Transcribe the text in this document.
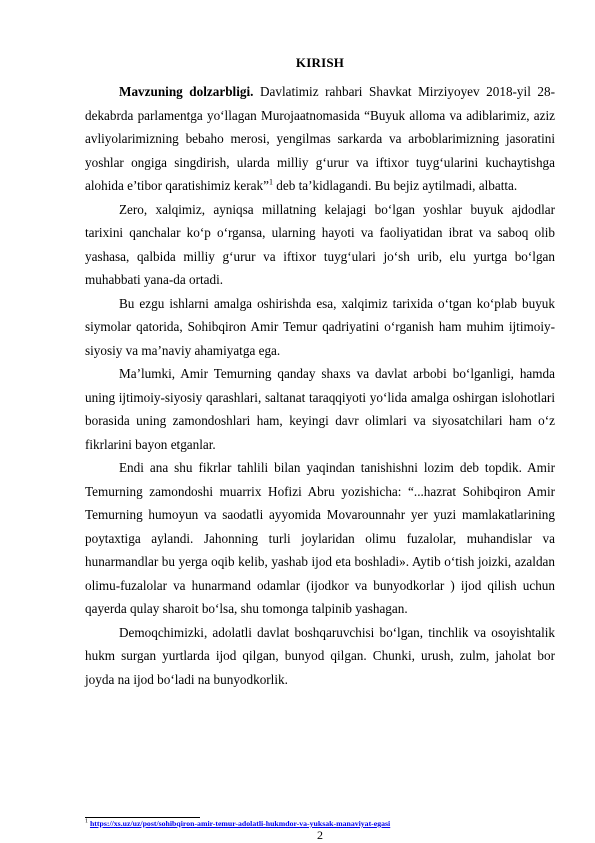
KIRISH

Mavzuning dolzarbligi. Davlatimiz rahbari Shavkat Mirziyoyev 2018-yil 28-dekabrda parlamentga yo‘llagan Murojaatnomasida “Buyuk alloma va adiblarimiz, aziz avliyolarimizning bebaho merosi, yengilmas sarkarda va arboblarimizning jasoratini yoshlar ongiga singdirish, ularda milliy g‘urur va iftixor tuyg‘ularini kuchaytishga alohida e’tibor qaratishimiz kerak”$^1$ deb ta’kidlagandi. Bu bejiz aytilmadi, albatta.

Zero, xalqimiz, ayniqsa millatning kelajagi bo‘lgan yoshlar buyuk ajdodlar tarixini qanchalar ko‘p o‘rgansa, ularning hayoti va faoliyatidan ibrat va saboq olib yashasa, qalbida milliy g‘urur va iftixor tuyg‘ulari jo‘sh urib, elu yurtga bo‘lgan muhabbati yana-da ortadi.

Bu ezgu ishlarni amalga oshirishda esa, xalqimiz tarixida o‘tgan ko‘plab buyuk siymolar qatorida, Sohibqiron Amir Temur qadriyatini o‘rganish ham muhim ijtimoiy-siyosiy va ma’naviy ahamiyatga ega.

Ma’lumki, Amir Temurning qanday shaxs va davlat arbobi bo‘lganligi, hamda uning ijtimoiy-siyosiy qarashlari, saltanat taraqqiyoti yo‘lida amalga oshirgan islohotlari borasida uning zamondoshlari ham, keyingi davr olimlari va siyosatchilari ham o‘z fikrlarini bayon etganlar.

Endi ana shu fikrlar tahlili bilan yaqindan tanishishni lozim deb topdik. Amir Temurning zamondoshi muarrix Hofizi Abru yozishicha: “...hazrat Sohibqiron Amir Temurning humoyun va saodatli ayyomida Movarounnahr yer yuzi mamlakatlarining poytaxtiga aylandi. Jahonning turli joylaridan olimu fuzalolar, muhandislar va hunarmandlar bu yerga oqib kelib, yashab ijod eta boshladi». Aytib o‘tish joizki, azaldan olimu-fuzalolar va hunarmand odamlar (ijodkor va bunyodkorlar ) ijod qilish uchun qayerda qulay sharoit bo‘lsa, shu tomonga talpinib yashagan.

Demoqchimizki, adolatli davlat boshqaruvchisi bo‘lgan, tinchlik va osoyishtalik hukm surgan yurtlarda ijod qilgan, bunyod qilgan. Chunki, urush, zulm, jaholat bor joyda na ijod bo‘ladi na bunyodkorlik.

$^1$ https://xs.uz/uz/post/sohibqiron-amir-temur-adolatli-hukmdor-va-yuksak-manaviyat-egasi
2
